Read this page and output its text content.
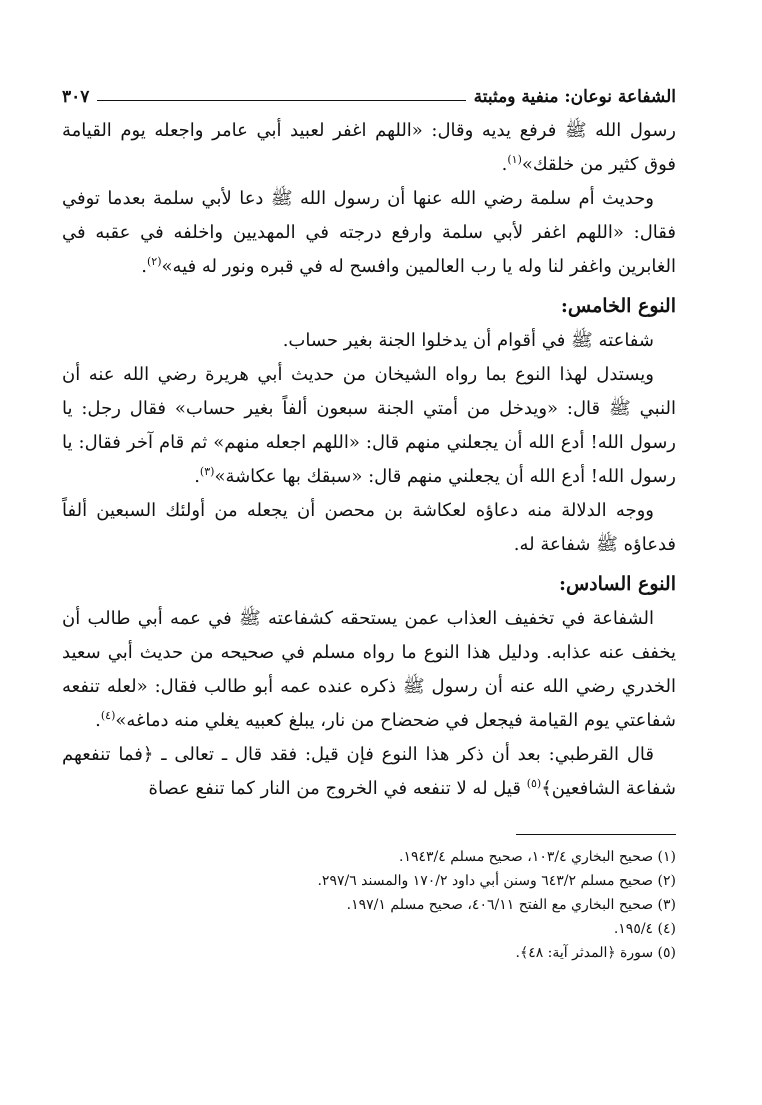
الشفاعة نوعان: منفية ومثبتة
٣٠٧

رسول الله ﷺ فرفع يديه وقال: «اللهم اغفر لعبيد أبي عامر واجعله يوم القيامة فوق كثير من خلقك»$^{(١)}$.

وحديث أم سلمة رضي الله عنها أن رسول الله ﷺ دعا لأبي سلمة بعدما توفي فقال: «اللهم اغفر لأبي سلمة وارفع درجته في المهديين واخلفه في عقبه في الغابرين واغفر لنا وله يا رب العالمين وافسح له في قبره ونور له فيه»$^{(٢)}$.

النوع الخامس:

شفاعته ﷺ في أقوام أن يدخلوا الجنة بغير حساب.

ويستدل لهذا النوع بما رواه الشيخان من حديث أبي هريرة رضي الله عنه أن النبي ﷺ قال: «ويدخل من أمتي الجنة سبعون ألفاً بغير حساب» فقال رجل: يا رسول الله! أدع الله أن يجعلني منهم قال: «اللهم اجعله منهم» ثم قام آخر فقال: يا رسول الله! أدع الله أن يجعلني منهم قال: «سبقك بها عكاشة»$^{(٣)}$.

ووجه الدلالة منه دعاؤه لعكاشة بن محصن أن يجعله من أولئك السبعين ألفاً فدعاؤه ﷺ شفاعة له.

النوع السادس:

الشفاعة في تخفيف العذاب عمن يستحقه كشفاعته ﷺ في عمه أبي طالب أن يخفف عنه عذابه. ودليل هذا النوع ما رواه مسلم في صحيحه من حديث أبي سعيد الخدري رضي الله عنه أن رسول ﷺ ذكره عنده عمه أبو طالب فقال: «لعله تنفعه شفاعتي يوم القيامة فيجعل في ضحضاح من نار، يبلغ كعبيه يغلي منه دماغه»$^{(٤)}$.

قال القرطبي: بعد أن ذكر هذا النوع فإن قيل: فقد قال ـ تعالى ـ ﴿فما تنفعهم شفاعة الشافعين﴾$^{(٥)}$ قيل له لا تنفعه في الخروج من النار كما تنفع عصاة

(١) صحيح البخاري ١٠٣/٤، صحيح مسلم ١٩٤٣/٤.
(٢) صحيح مسلم ٦٤٣/٢ وسنن أبي داود ١٧٠/٢ والمسند ٢٩٧/٦.
(٣) صحيح البخاري مع الفتح ٤٠٦/١١، صحيح مسلم ١٩٧/١.
(٤) ١٩٥/٤.
(٥) سورة ﴿المدثر آية: ٤٨﴾.
